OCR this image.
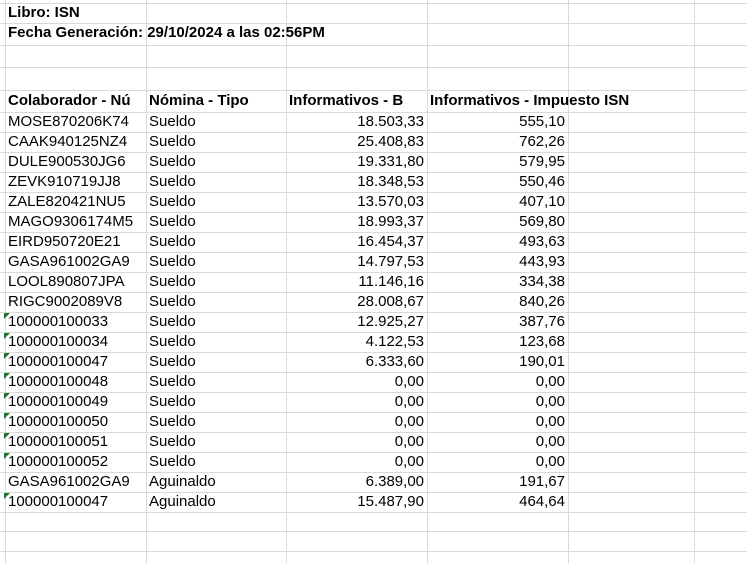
Libro: ISN
Fecha Generación: 29/10/2024 a las 02:56PM
Colaborador - Nú	Nómina - Tipo	Informativos - B	Informativos - Impuesto ISN
MOSE870206K74	Sueldo	18.503,33	555,10
CAAK940125NZ4	Sueldo	25.408,83	762,26
DULE900530JG6	Sueldo	19.331,80	579,95
ZEVK910719JJ8	Sueldo	18.348,53	550,46
ZALE820421NU5	Sueldo	13.570,03	407,10
MAGO9306174M5	Sueldo	18.993,37	569,80
EIRD950720E21	Sueldo	16.454,37	493,63
GASA961002GA9	Sueldo	14.797,53	443,93
LOOL890807JPA	Sueldo	11.146,16	334,38
RIGC9002089V8	Sueldo	28.008,67	840,26
100000100033	Sueldo	12.925,27	387,76
100000100034	Sueldo	4.122,53	123,68
100000100047	Sueldo	6.333,60	190,01
100000100048	Sueldo	0,00	0,00
100000100049	Sueldo	0,00	0,00
100000100050	Sueldo	0,00	0,00
100000100051	Sueldo	0,00	0,00
100000100052	Sueldo	0,00	0,00
GASA961002GA9	Aguinaldo	6.389,00	191,67
100000100047	Aguinaldo	15.487,90	464,64
